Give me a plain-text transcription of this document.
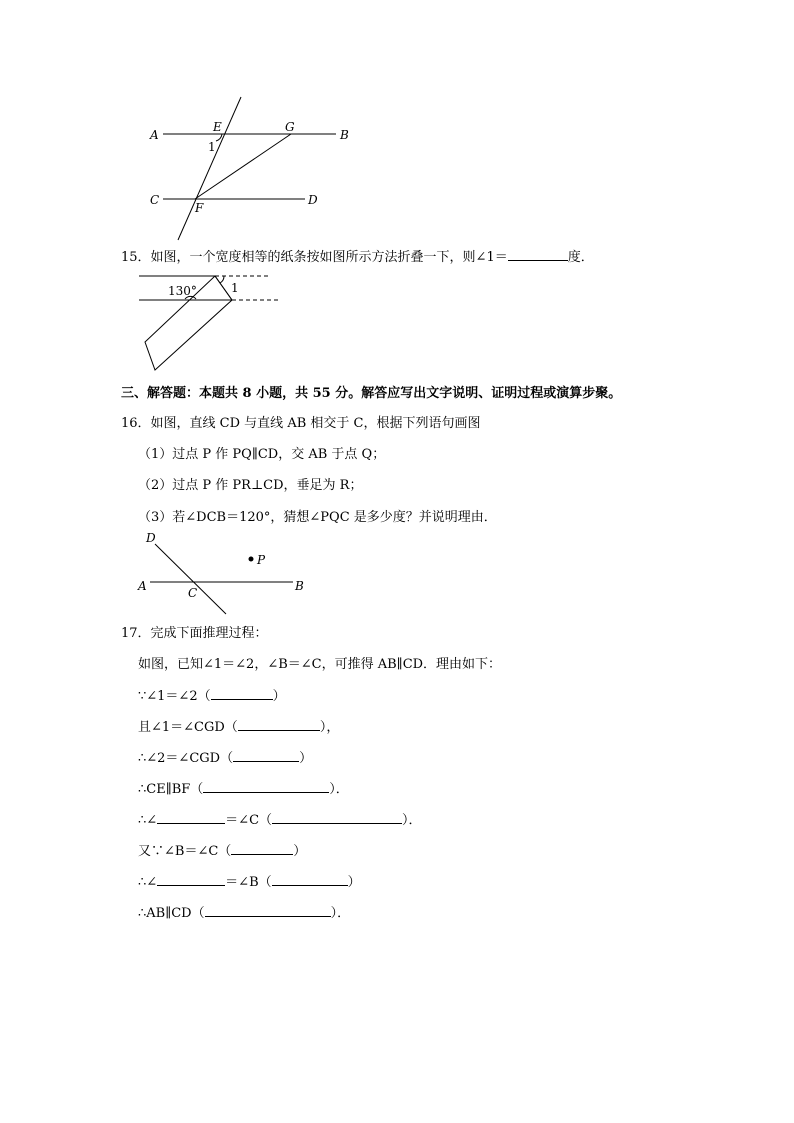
A
E	G
B
1
C
F
D
15．如图，一个宽度相等的纸条按如图所示方法折叠一下，则∠1＝	度．
130°	1
三、解答题：本题共 8 小题，共 55 分。解答应写出文字说明、证明过程或演算步聚。
16．如图，直线 CD 与直线 AB 相交于 C，根据下列语句画图
（1）过点 P 作 PQ∥CD，交 AB 于点 Q；
（2）过点 P 作 PR⊥CD，垂足为 R；
（3）若∠DCB＝120°，猜想∠PQC 是多少度？并说明理由．
D
P
A	B
C
17．完成下面推理过程：
如图，已知∠1＝∠2，∠B＝∠C，可推得 AB∥CD．理由如下：
∵∠1＝∠2（	）
且∠1＝∠CGD（	），
∴∠2＝∠CGD（	）
∴CE∥BF（	）．
∴∠	＝∠C（	）．
又∵∠B＝∠C（	）
∴∠	＝∠B（	）
∴AB∥CD（	）．
